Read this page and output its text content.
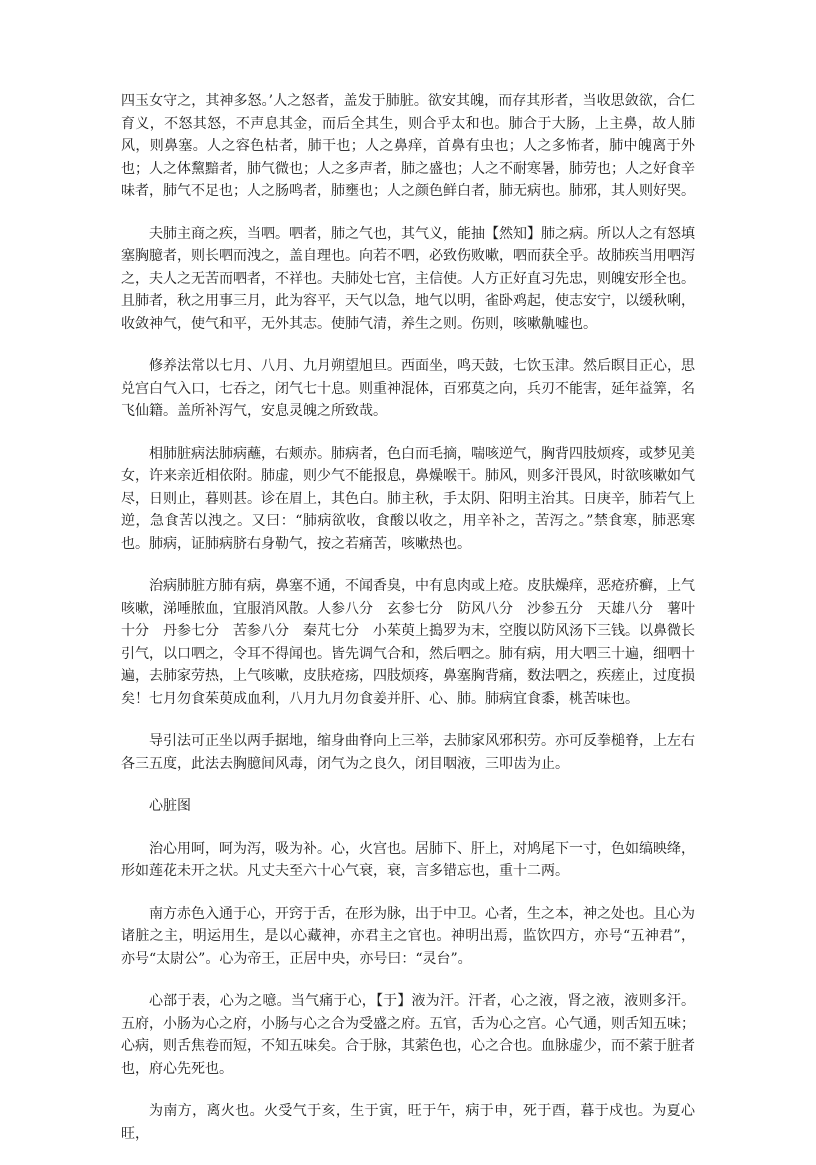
四玉女守之，其神多怒。’人之怒者，盖发于肺脏。欲安其魄，而存其形者，当收思敛欲，合仁育义，不怒其怒，不声息其金，而后全其生，则合乎太和也。肺合于大肠，上主鼻，故人肺风，则鼻塞。人之容色枯者，肺干也；人之鼻痒，首鼻有虫也；人之多怖者，肺中魄离于外也；人之体黧黯者，肺气微也；人之多声者，肺之盛也；人之不耐寒暑，肺劳也；人之好食辛味者，肺气不足也；人之肠鸣者，肺壅也；人之颜色鲜白者，肺无病也。肺邪，其人则好哭。

夫肺主商之疾，当呬。呬者，肺之气也，其气义，能抽【然知】肺之病。所以人之有怒填塞胸臆者，则长呬而洩之，盖自理也。向若不呬，必致伤败嗽，呬而获全乎。故肺疾当用呬泻之，夫人之无苦而呬者，不祥也。夫肺处七宫，主信使。人方正好直习先忠，则魄安形全也。且肺者，秋之用事三月，此为容平，天气以急，地气以明，雀卧鸡起，使志安宁，以缓秋唎，收敛神气，使气和平，无外其志。使肺气清，养生之则。伤则，咳嗽鼽嘘也。

修养法常以七月、八月、九月朔望旭旦。西面坐，鸣天鼓，七饮玉津。然后瞑目正心，思兑宫白气入口，七吞之，闭气七十息。则重神混体，百邪莫之向，兵刃不能害，延年益筭，名飞仙籍。盖所补泻气，安息灵魄之所致哉。

相肺脏病法肺病蘸，右颊赤。肺病者，色白而毛摘，喘咳逆气，胸背四肢烦疼，或梦见美女，许来亲近相依附。肺虚，则少气不能报息，鼻燥喉干。肺风，则多汗畏风，时欲咳嗽如气尽，日则止，暮则甚。诊在眉上，其色白。肺主秋，手太阴、阳明主治其。日庚辛，肺若气上逆，急食苦以洩之。又曰：“肺病欲收，食酸以收之，用辛补之，苦泻之。”禁食寒，肺恶寒也。肺病，证肺病脐右身勒气，按之若痛苦，咳嗽热也。

治病肺脏方肺有病，鼻塞不通，不闻香臭，中有息肉或上疮。皮肤燥痒，恶疮疥癣，上气咳嗽，涕唾脓血，宜服消风散。人参八分　玄参七分　防风八分　沙参五分　天雄八分　薯叶十分　丹参七分　苦参八分　秦芃七分　小茱萸上搗罗为末，空腹以防风汤下三钱。以鼻微长引气，以口呬之，令耳不得闻也。皆先调气合和，然后呬之。肺有病，用大呬三十遍，细呬十遍，去肺家劳热，上气咳嗽，皮肤疮疡，四肢烦疼，鼻塞胸背痛，数法呬之，疾瘥止，过度损矣！七月勿食茱萸成血利，八月九月勿食姜并肝、心、肺。肺病宜食黍，桃苦味也。

导引法可正坐以两手据地，缩身曲脊向上三举，去肺家风邪积劳。亦可反拳槌脊，上左右各三五度，此法去胸臆间风毒，闭气为之良久，闭目咽液，三叩齿为止。

心脏图

治心用呵，呵为泻，吸为补。心，火宫也。居肺下、肝上，对鸠尾下一寸，色如缟映绛，形如莲花未开之状。凡丈夫至六十心气衰，衰，言多错忘也，重十二两。

南方赤色入通于心，开窍于舌，在形为脉，出于中卫。心者，生之本，神之处也。且心为诸脏之主，明运用生，是以心藏神，亦君主之官也。神明出焉，监饮四方，亦号“五神君”，亦号“太尉公”。心为帝王，正居中央，亦号曰：“灵台”。

心部于表，心为之噫。当气痛于心，【于】液为汗。汗者，心之液，肾之液，液则多汗。五府，小肠为心之府，小肠与心之合为受盛之府。五官，舌为心之宫。心气通，则舌知五味；心病，则舌焦卷而短，不知五味矣。合于脉，其萦色也，心之合也。血脉虚少，而不萦于脏者也，府心先死也。

为南方，离火也。火受气于亥，生于寅，旺于午，病于申，死于酉，暮于戍也。为夏心旺，
